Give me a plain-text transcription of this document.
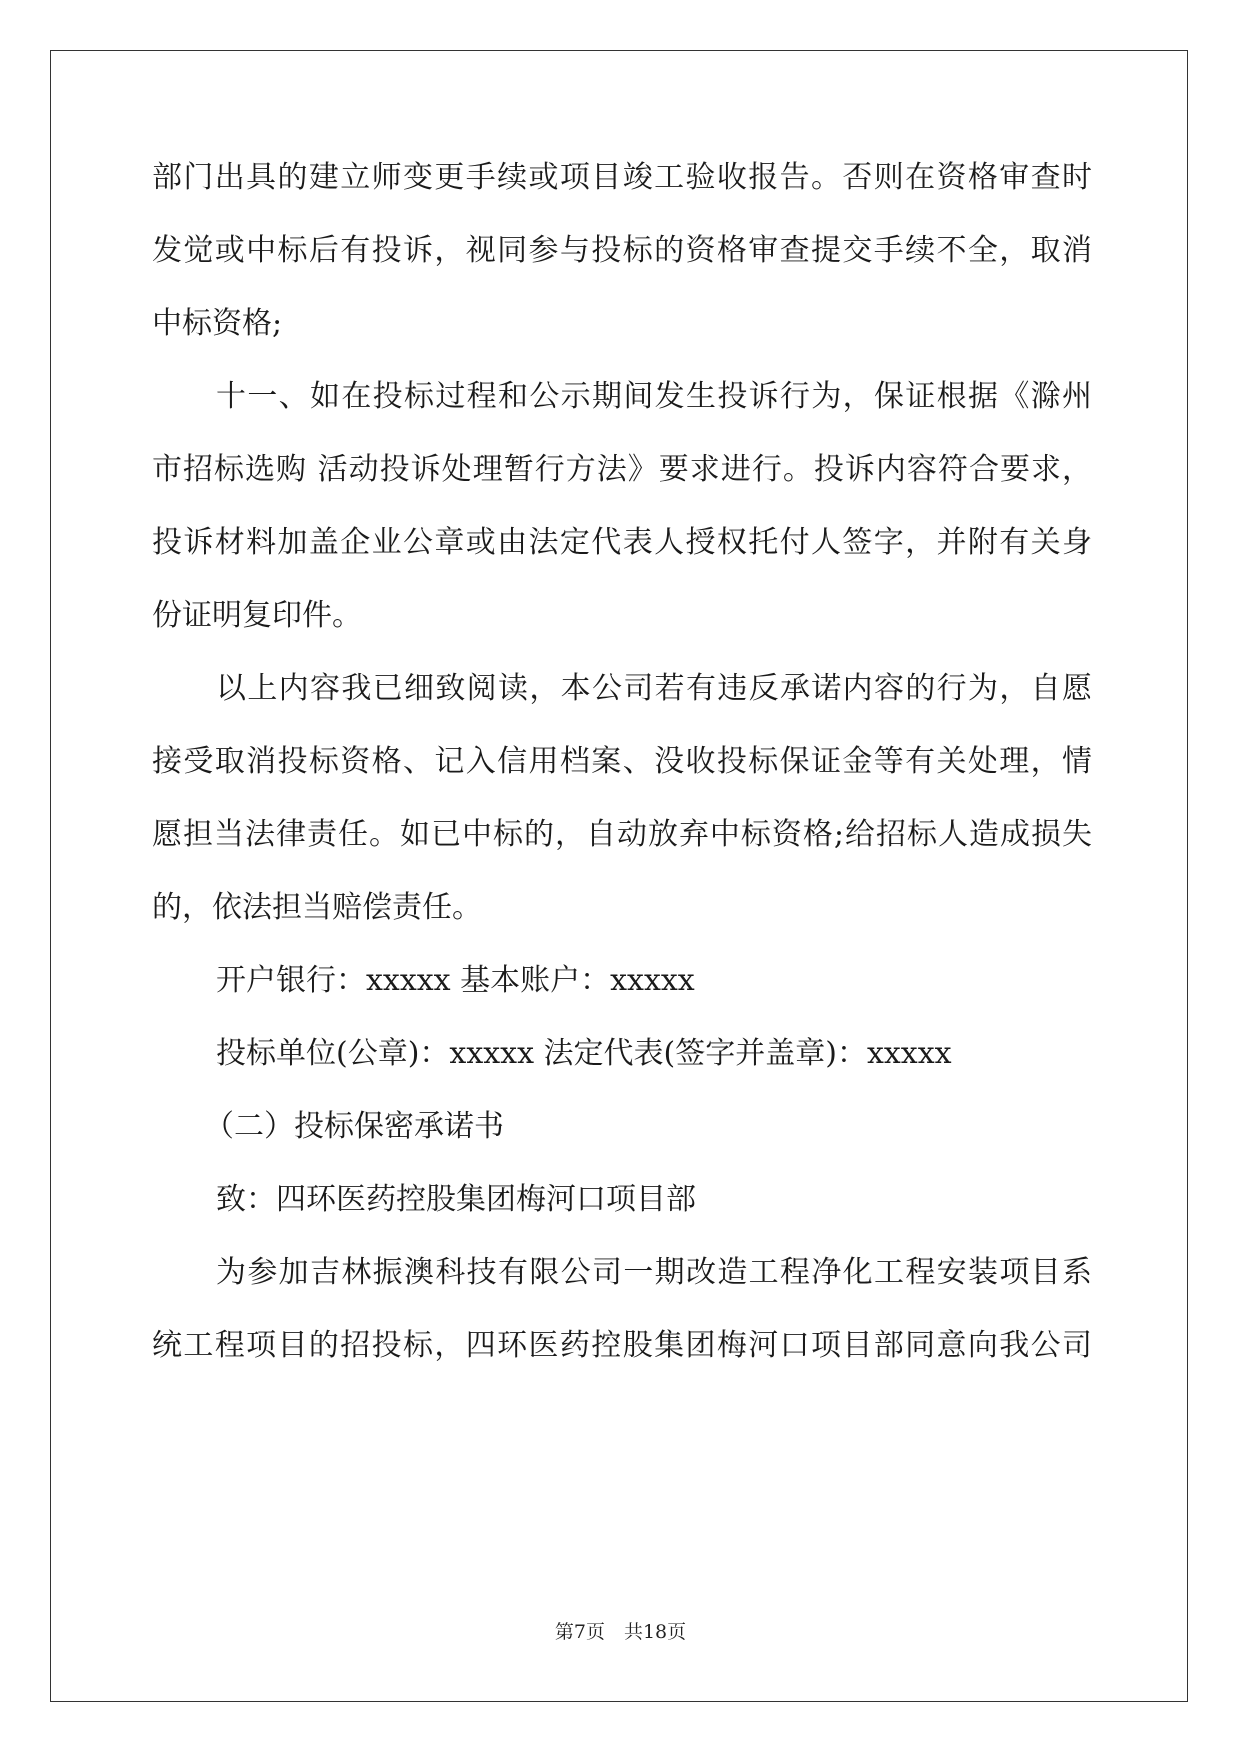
部门出具的建立师变更手续或项目竣工验收报告。否则在资格审查时
发觉或中标后有投诉，视同参与投标的资格审查提交手续不全，取消
中标资格;
十一、如在投标过程和公示期间发生投诉行为，保证根据《滁州
市招标选购 活动投诉处理暂行方法》要求进行。投诉内容符合要求，
投诉材料加盖企业公章或由法定代表人授权托付人签字，并附有关身
份证明复印件。
以上内容我已细致阅读，本公司若有违反承诺内容的行为，自愿
接受取消投标资格、记入信用档案、没收投标保证金等有关处理，情
愿担当法律责任。如已中标的，自动放弃中标资格;给招标人造成损失
的，依法担当赔偿责任。
开户银行：xxxxx 基本账户：xxxxx
投标单位(公章)：xxxxx 法定代表(签字并盖章)：xxxxx
（二）投标保密承诺书
致：四环医药控股集团梅河口项目部
为参加吉林振澳科技有限公司一期改造工程净化工程安装项目系
统工程项目的招投标，四环医药控股集团梅河口项目部同意向我公司
第7页　共18页
